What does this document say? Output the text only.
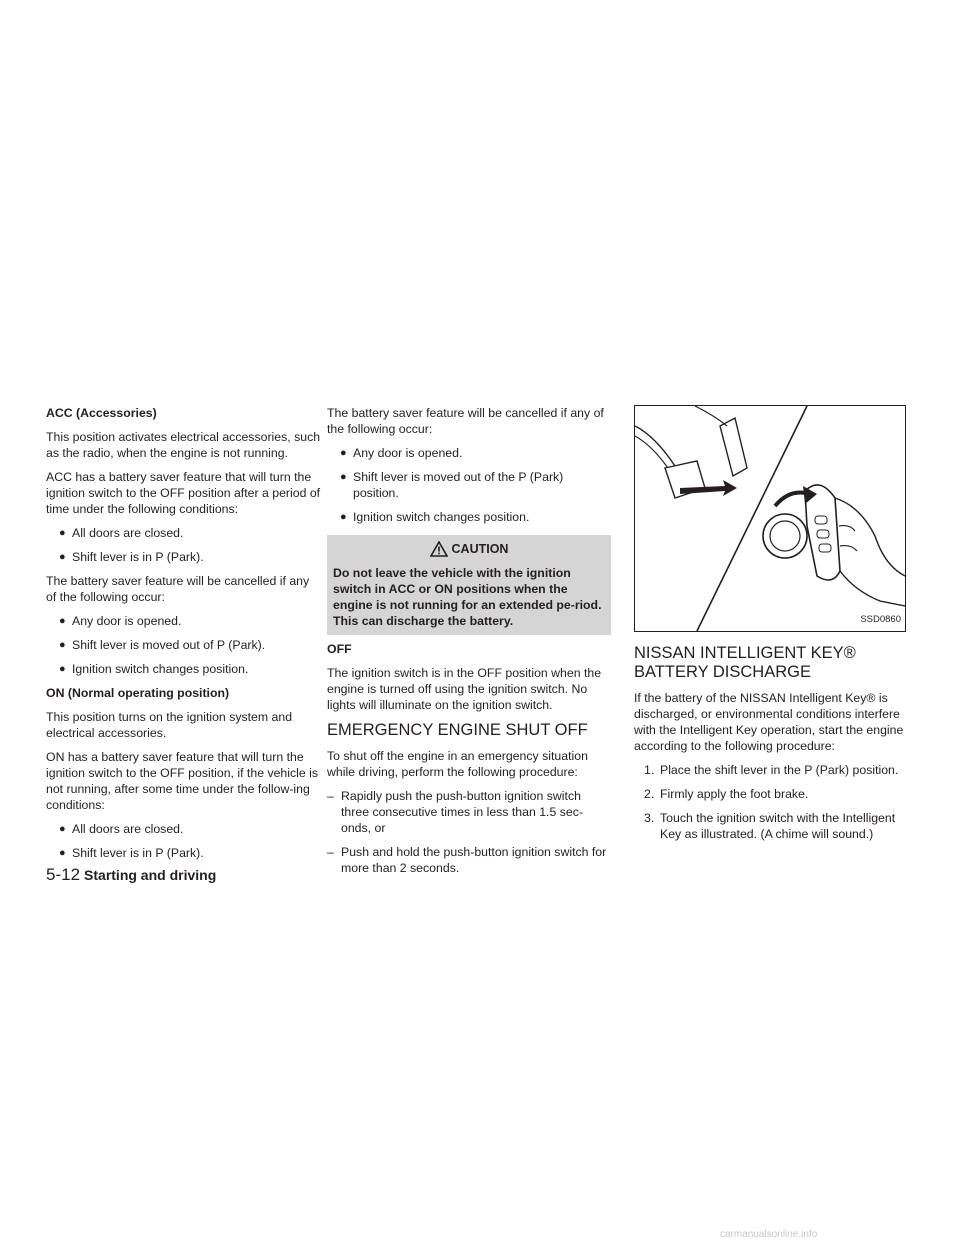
ACC (Accessories)

This position activates electrical accessories, such as the radio, when the engine is not running.

ACC has a battery saver feature that will turn the ignition switch to the OFF position after a period of time under the following conditions:

● All doors are closed.
● Shift lever is in P (Park).

The battery saver feature will be cancelled if any of the following occur:

● Any door is opened.
● Shift lever is moved out of P (Park).
● Ignition switch changes position.
ON (Normal operating position)

This position turns on the ignition system and electrical accessories.

ON has a battery saver feature that will turn the ignition switch to the OFF position, if the vehicle is not running, after some time under the follow-ing conditions:

● All doors are closed.
● Shift lever is in P (Park).

The battery saver feature will be cancelled if any of the following occur:

● Any door is opened.
● Shift lever is moved out of the P (Park) position.
● Ignition switch changes position.
CAUTION
Do not leave the vehicle with the ignition switch in ACC or ON positions when the engine is not running for an extended pe-riod. This can discharge the battery.
OFF

The ignition switch is in the OFF position when the engine is turned off using the ignition switch. No lights will illuminate on the ignition switch.

EMERGENCY ENGINE SHUT OFF

To shut off the engine in an emergency situation while driving, perform the following procedure:

– Rapidly push the push-button ignition switch three consecutive times in less than 1.5 sec-onds, or
– Push and hold the push-button ignition switch for more than 2 seconds.
SSD0860
NISSAN INTELLIGENT KEY®
BATTERY DISCHARGE

If the battery of the NISSAN Intelligent Key® is discharged, or environmental conditions interfere with the Intelligent Key operation, start the engine according to the following procedure:

1. Place the shift lever in the P (Park) position.
2. Firmly apply the foot brake.
3. Touch the ignition switch with the Intelligent Key as illustrated. (A chime will sound.)
5-12 Starting and driving
carmanualsonline.info
